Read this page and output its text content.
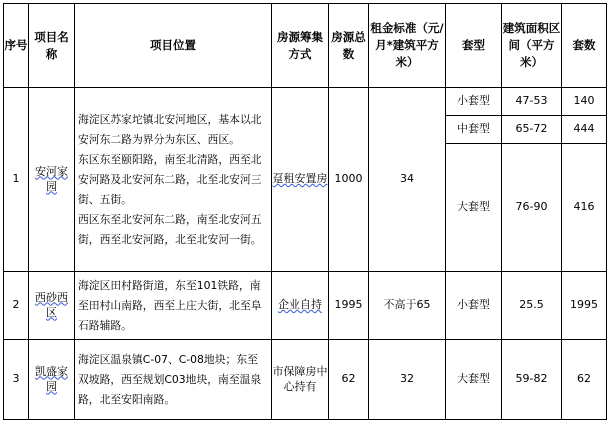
序号	项目名称	项目位置	房源筹集方式	房源总数	租金标准（元/月*建筑平方米）	套型	建筑面积区间（平方米）	套数
1	安河家园	海淀区苏家坨镇北安河地区，基本以北安河东二路为界分为东区、西区。
东区东至颐阳路，南至北清路，西至北安河路及北安河东二路，北至北安河三街、五街。
西区东至北安河东二路，南至北安河五街，西至北安河路，北至北安河一街。	趸租安置房	1000	34	小套型	47-53	140
						中套型	65-72	444
						大套型	76-90	416
2	西砂西区	海淀区田村路街道，东至101铁路，南至田村山南路，西至上庄大街，北至阜石路辅路。	企业自持	1995	不高于65	小套型	25.5	1995
3	凯盛家园	海淀区温泉镇C-07、C-08地块；东至双坡路，西至规划C03地块，南至温泉路，北至安阳南路。	市保障房中心持有	62	32	大套型	59-82	62
